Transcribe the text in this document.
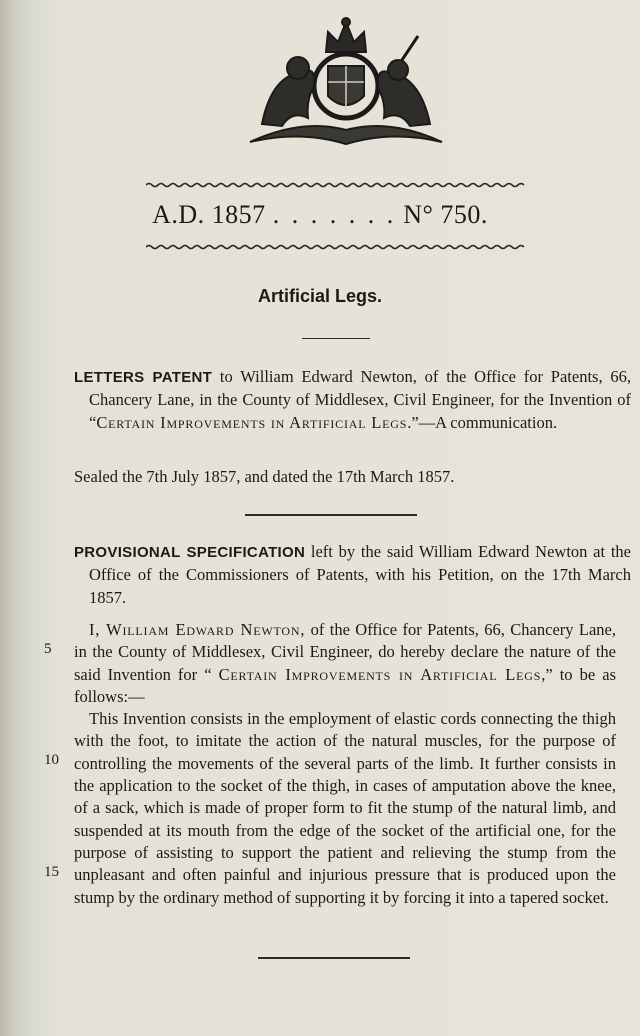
A.D. 1857 . . . . . . . N° 750.
Artificial Legs.
LETTERS PATENT to William Edward Newton, of the Office for Patents, 66, Chancery Lane, in the County of Middlesex, Civil Engineer, for the Invention of “Certain Improvements in Artificial Legs.”—A communication.
Sealed the 7th July 1857, and dated the 17th March 1857.
PROVISIONAL SPECIFICATION left by the said William Edward Newton at the Office of the Commissioners of Patents, with his Petition, on the 17th March 1857.
I, William Edward Newton, of the Office for Patents, 66, Chancery Lane, in the County of Middlesex, Civil Engineer, do hereby declare the nature of the said Invention for “ Certain Improvements in Artificial Legs,” to be as follows:—
This Invention consists in the employment of elastic cords connecting the thigh with the foot, to imitate the action of the natural muscles, for the purpose of controlling the movements of the several parts of the limb. It further consists in the application to the socket of the thigh, in cases of amputation above the knee, of a sack, which is made of proper form to fit the stump of the natural limb, and suspended at its mouth from the edge of the socket of the artificial one, for the purpose of assisting to support the patient and relieving the stump from the unpleasant and often painful and injurious pressure that is produced upon the stump by the ordinary method of supporting it by forcing it into a tapered socket.
5
10
15
